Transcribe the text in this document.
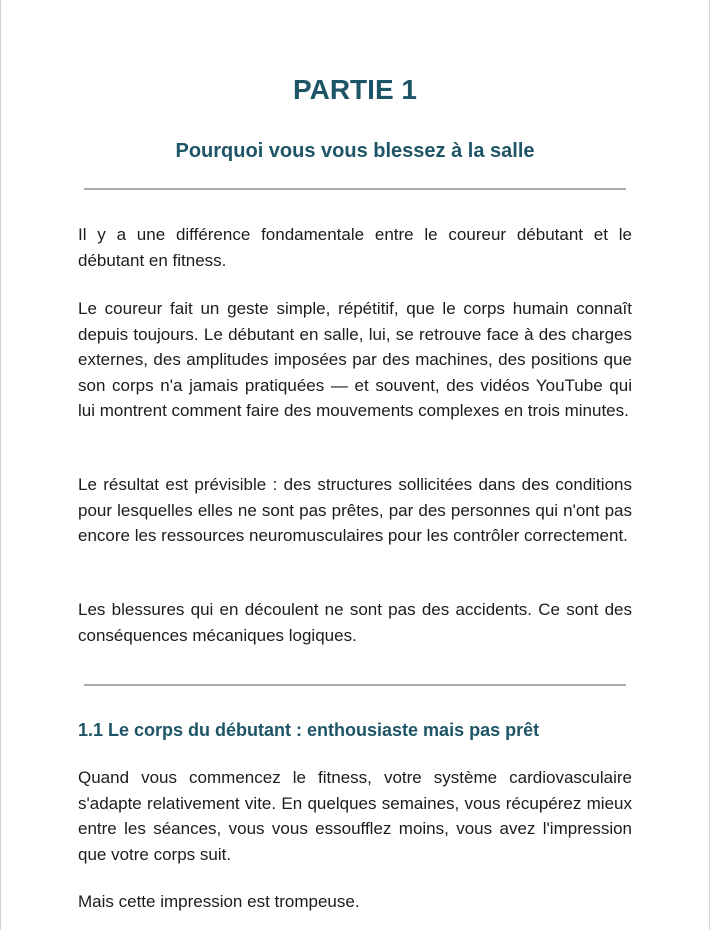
PARTIE 1
Pourquoi vous vous blessez à la salle

Il y a une différence fondamentale entre le coureur débutant et le débutant en fitness.

Le coureur fait un geste simple, répétitif, que le corps humain connaît depuis toujours. Le débutant en salle, lui, se retrouve face à des charges externes, des amplitudes imposées par des machines, des positions que son corps n'a jamais pratiquées — et souvent, des vidéos YouTube qui lui montrent comment faire des mouvements complexes en trois minutes.

Le résultat est prévisible : des structures sollicitées dans des conditions pour lesquelles elles ne sont pas prêtes, par des personnes qui n'ont pas encore les ressources neuromusculaires pour les contrôler correctement.

Les blessures qui en découlent ne sont pas des accidents. Ce sont des conséquences mécaniques logiques.

1.1 Le corps du débutant : enthousiaste mais pas prêt

Quand vous commencez le fitness, votre système cardiovasculaire s'adapte relativement vite. En quelques semaines, vous récupérez mieux entre les séances, vous vous essoufflez moins, vous avez l'impression que votre corps suit.

Mais cette impression est trompeuse.
